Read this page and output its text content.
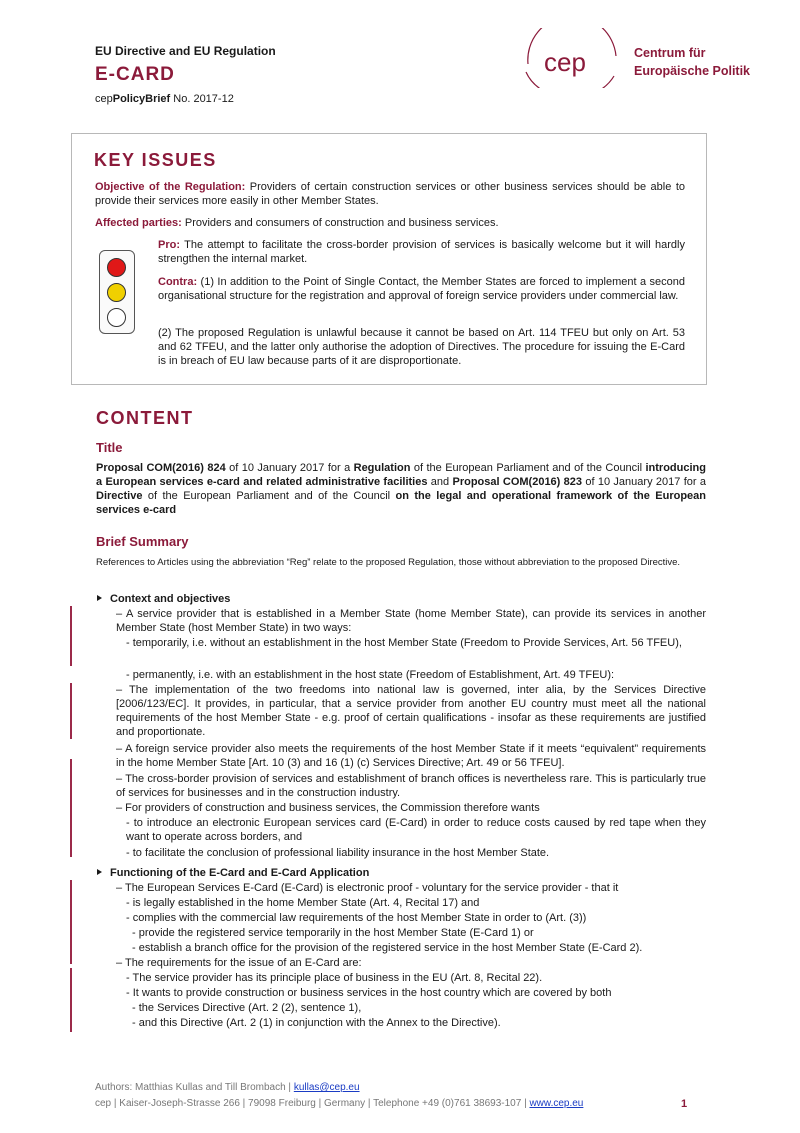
EU Directive and EU Regulation
E-CARD
cepPolicyBrief No. 2017-12
cep	Centrum für
Europäische Politik
KEY ISSUES
Objective of the Regulation: Providers of certain construction services or other business services should be able to provide their services more easily in other Member States.
Affected parties: Providers and consumers of construction and business services.
Pro: The attempt to facilitate the cross-border provision of services is basically welcome but it will hardly strengthen the internal market.
Contra: (1) In addition to the Point of Single Contact, the Member States are forced to implement a second organisational structure for the registration and approval of foreign service providers under commercial law.
(2) The proposed Regulation is unlawful because it cannot be based on Art. 114 TFEU but only on Art. 53 and 62 TFEU, and the latter only authorise the adoption of Directives. The procedure for issuing the E-Card is in breach of EU law because parts of it are disproportionate.
CONTENT
Title
Proposal COM(2016) 824 of 10 January 2017 for a Regulation of the European Parliament and of the Council introducing a European services e-card and related administrative facilities and Proposal COM(2016) 823 of 10 January 2017 for a Directive of the European Parliament and of the Council on the legal and operational framework of the European services e-card
Brief Summary
References to Articles using the abbreviation “Reg” relate to the proposed Regulation, those without abbreviation to the proposed Directive.
Context and objectives
– A service provider that is established in a Member State (home Member State), can provide its services in another Member State (host Member State) in two ways:
- temporarily, i.e. without an establishment in the host Member State (Freedom to Provide Services, Art. 56 TFEU),
- permanently, i.e. with an establishment in the host state (Freedom of Establishment, Art. 49 TFEU):
– The implementation of the two freedoms into national law is governed, inter alia, by the Services Directive [2006/123/EC]. It provides, in particular, that a service provider from another EU country must meet all the national requirements of the host Member State - e.g. proof of certain qualifications - insofar as these requirements are justified and proportionate.
– A foreign service provider also meets the requirements of the host Member State if it meets “equivalent” requirements in the home Member State [Art. 10 (3) and 16 (1) (c) Services Directive; Art. 49 or 56 TFEU].
– The cross-border provision of services and establishment of branch offices is nevertheless rare. This is particularly true of services for businesses and in the construction industry.
– For providers of construction and business services, the Commission therefore wants
- to introduce an electronic European services card (E-Card) in order to reduce costs caused by red tape when they want to operate across borders, and
- to facilitate the conclusion of professional liability insurance in the host Member State.
Functioning of the E-Card and E-Card Application
– The European Services E-Card (E-Card) is electronic proof - voluntary for the service provider - that it
- is legally established in the home Member State (Art. 4, Recital 17) and
- complies with the commercial law requirements of the host Member State in order to (Art. (3))
- provide the registered service temporarily in the host Member State (E-Card 1) or
- establish a branch office for the provision of the registered service in the host Member State (E-Card 2).
– The requirements for the issue of an E-Card are:
- The service provider has its principle place of business in the EU (Art. 8, Recital 22).
- It wants to provide construction or business services in the host country which are covered by both
- the Services Directive (Art. 2 (2), sentence 1),
- and this Directive (Art. 2 (1) in conjunction with the Annex to the Directive).
Authors: Matthias Kullas and Till Brombach | kullas@cep.eu
cep | Kaiser-Joseph-Strasse 266 | 79098 Freiburg | Germany | Telephone +49 (0)761 38693-107 | www.cep.eu	1
